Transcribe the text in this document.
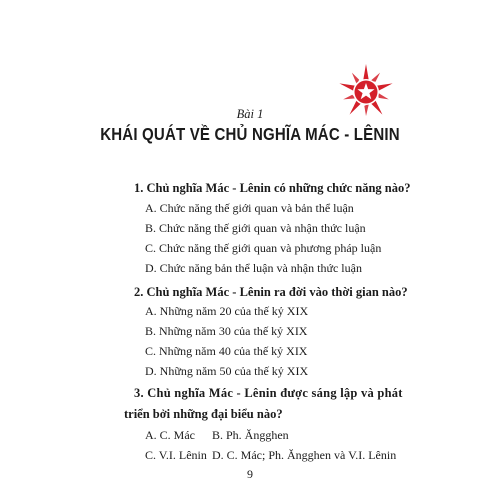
Bài 1
KHÁI QUÁT VỀ CHỦ NGHĨA MÁC - LÊNIN
1. Chủ nghĩa Mác - Lênin có những chức năng nào?
A. Chức năng thế giới quan và bản thể luận
B. Chức năng thế giới quan và nhận thức luận
C. Chức năng thế giới quan và phương pháp luận
D. Chức năng bản thể luận và nhận thức luận
2. Chủ nghĩa Mác - Lênin ra đời vào thời gian nào?
A. Những năm 20 của thế kỷ XIX
B. Những năm 30 của thế kỷ XIX
C. Những năm 40 của thế kỷ XIX
D. Những năm 50 của thế kỷ XIX
3. Chủ nghĩa Mác - Lênin được sáng lập và phát
triển bởi những đại biểu nào?
A. C. Mác B. Ph. Ăngghen
C. V.I. Lênin D. C. Mác; Ph. Ăngghen và V.I. Lênin
9
